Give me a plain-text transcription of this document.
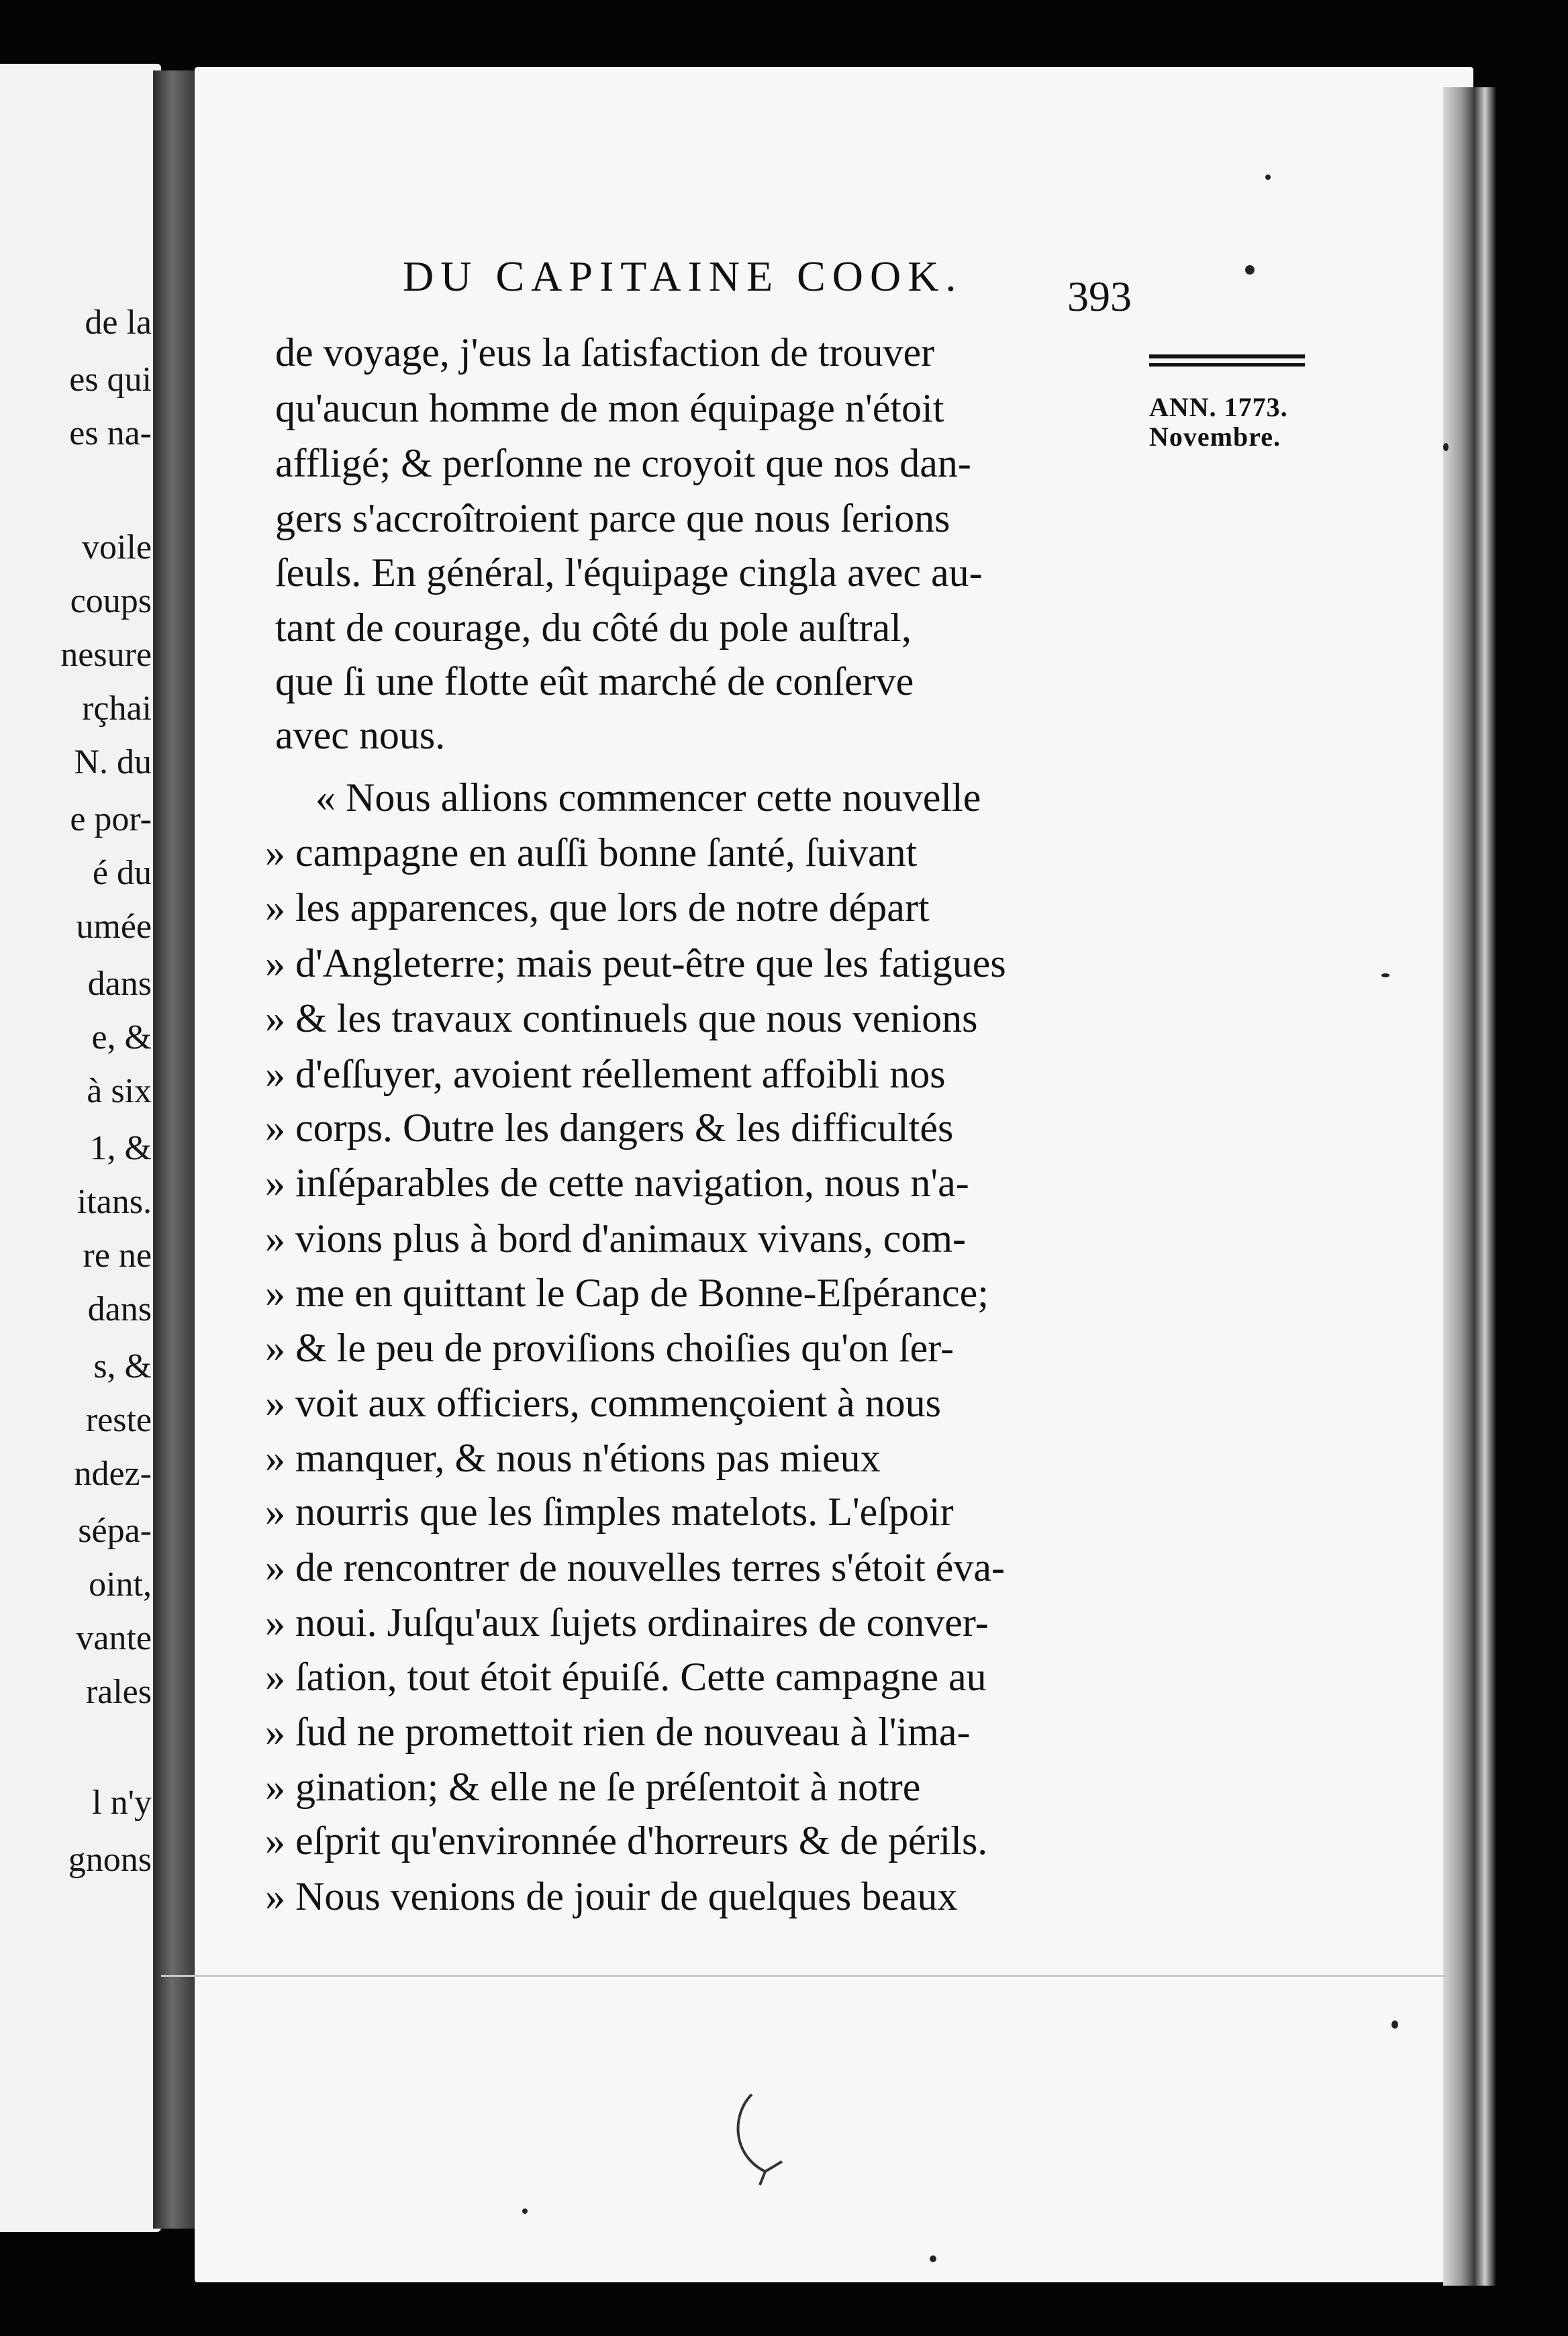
de la
es qui
es na-
voile
coups
nesure
rçhai
N. du
e por-
é du
umée
dans
e, &
à six
1, &
itans.
re ne
dans
s, &
reste
ndez-
sépa-
oint,
vante
rales
l n'y
gnons
DU CAPITAINE COOK. 393
ANN. 1773.
Novembre.
de voyage, j'eus la ſatisfaction de trouver
qu'aucun homme de mon équipage n'étoit
affligé; & perſonne ne croyoit que nos dan-
gers s'accroîtroient parce que nous ſerions
ſeuls. En général, l'équipage cingla avec au-
tant de courage, du côté du pole auſtral,
que ſi une flotte eût marché de conſerve
avec nous.
« Nous allions commencer cette nouvelle
» campagne en auſſi bonne ſanté, ſuivant
» les apparences, que lors de notre départ
» d'Angleterre; mais peut-être que les fatigues
» & les travaux continuels que nous venions
» d'eſſuyer, avoient réellement affoibli nos
» corps. Outre les dangers & les difficultés
» inſéparables de cette navigation, nous n'a-
» vions plus à bord d'animaux vivans, com-
» me en quittant le Cap de Bonne-Eſpérance;
» & le peu de proviſions choiſies qu'on ſer-
» voit aux officiers, commençoient à nous
» manquer, & nous n'étions pas mieux
» nourris que les ſimples matelots. L'eſpoir
» de rencontrer de nouvelles terres s'étoit éva-
» noui. Juſqu'aux ſujets ordinaires de conver-
» ſation, tout étoit épuiſé. Cette campagne au
» ſud ne promettoit rien de nouveau à l'ima-
» gination; & elle ne ſe préſentoit à notre
» eſprit qu'environnée d'horreurs & de périls.
» Nous venions de jouir de quelques beaux
